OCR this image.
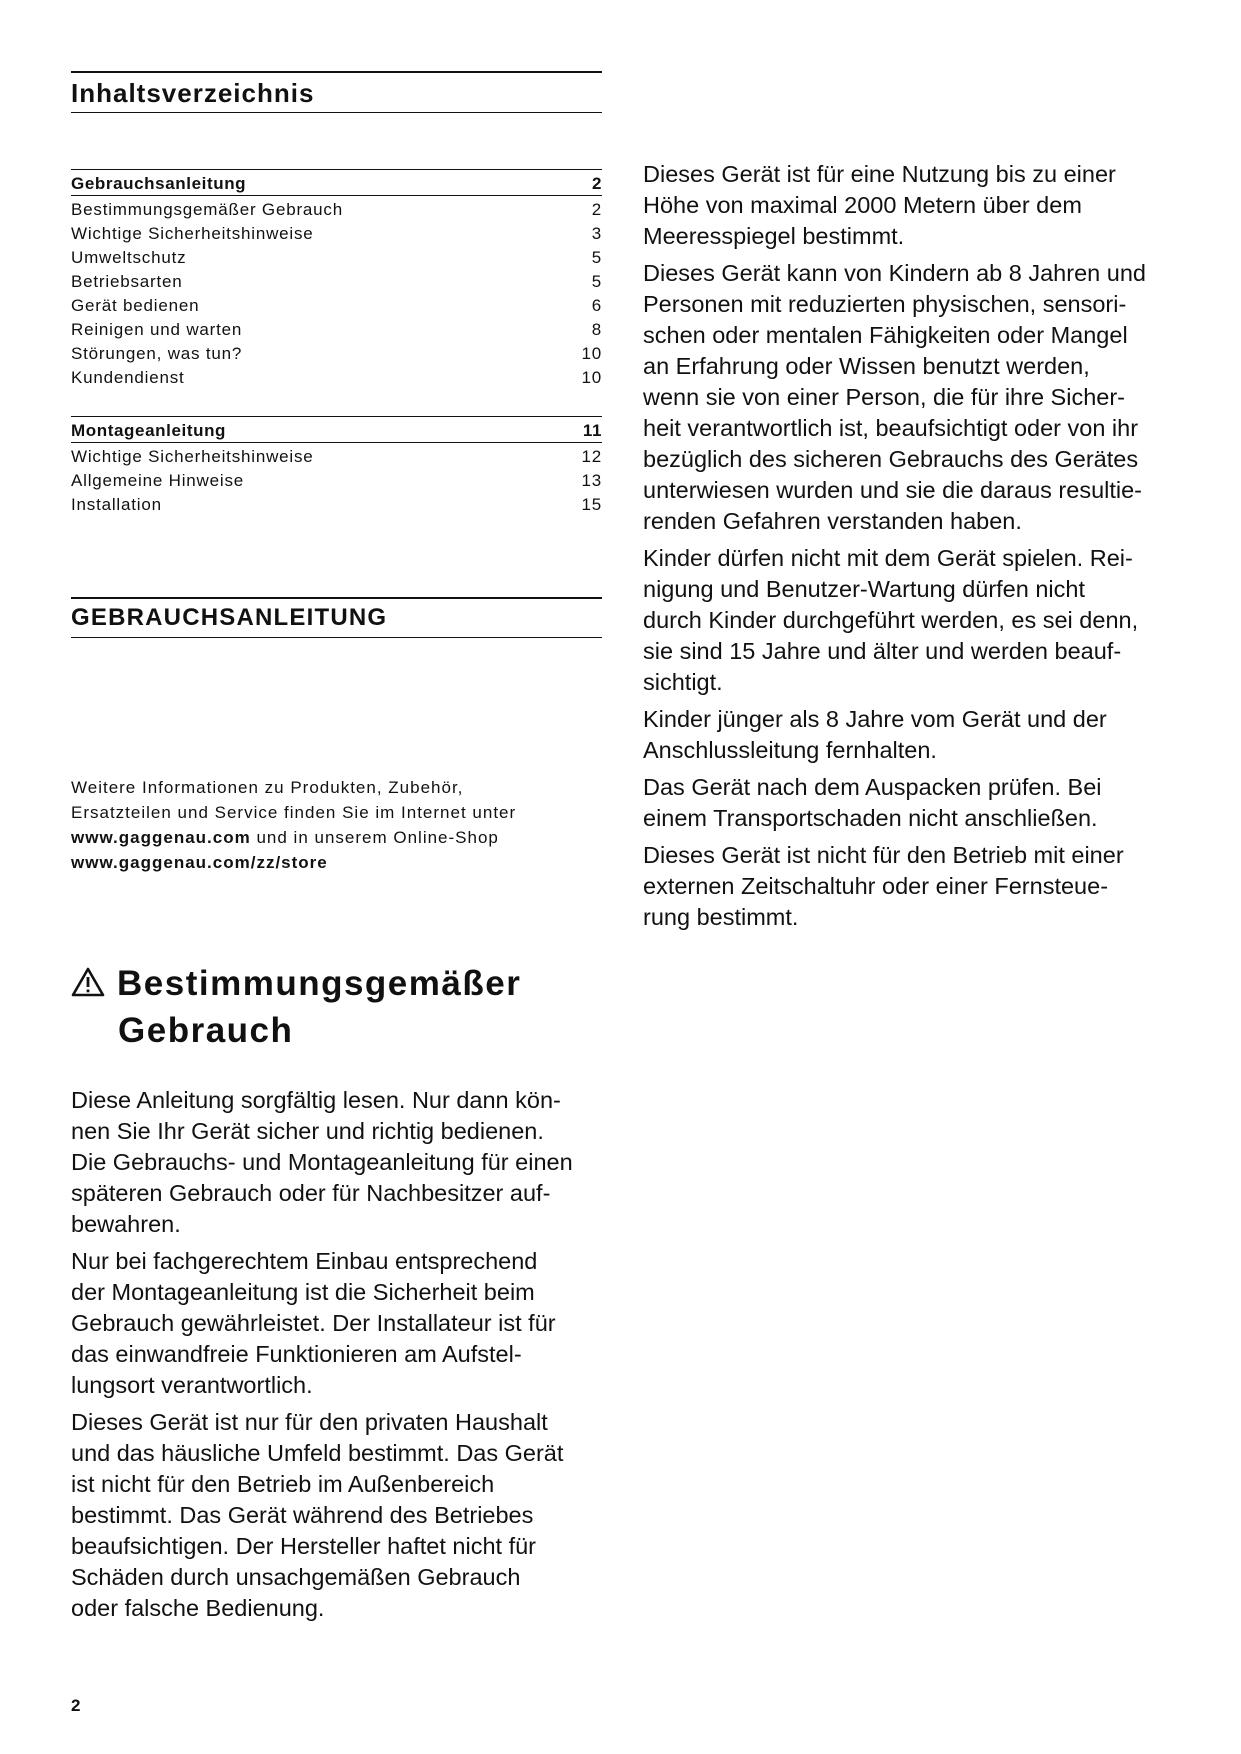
Inhaltsverzeichnis
Gebrauchsanleitung	2
Bestimmungsgemäßer Gebrauch	2
Wichtige Sicherheitshinweise	3
Umweltschutz	5
Betriebsarten	5
Gerät bedienen	6
Reinigen und warten	8
Störungen, was tun?	10
Kundendienst	10
Montageanleitung	11
Wichtige Sicherheitshinweise	12
Allgemeine Hinweise	13
Installation	15
GEBRAUCHSANLEITUNG
Weitere Informationen zu Produkten, Zubehör,
Ersatzteilen und Service finden Sie im Internet unter
www.gaggenau.com und in unserem Online-Shop
www.gaggenau.com/zz/store
Bestimmungsgemäßer
Gebrauch
Diese Anleitung sorgfältig lesen. Nur dann kön-
nen Sie Ihr Gerät sicher und richtig bedienen.
Die Gebrauchs- und Montageanleitung für einen
späteren Gebrauch oder für Nachbesitzer auf-
bewahren.
Nur bei fachgerechtem Einbau entsprechend
der Montageanleitung ist die Sicherheit beim
Gebrauch gewährleistet. Der Installateur ist für
das einwandfreie Funktionieren am Aufstel-
lungsort verantwortlich.
Dieses Gerät ist nur für den privaten Haushalt
und das häusliche Umfeld bestimmt. Das Gerät
ist nicht für den Betrieb im Außenbereich
bestimmt. Das Gerät während des Betriebes
beaufsichtigen. Der Hersteller haftet nicht für
Schäden durch unsachgemäßen Gebrauch
oder falsche Bedienung.
Dieses Gerät ist für eine Nutzung bis zu einer
Höhe von maximal 2000 Metern über dem
Meeresspiegel bestimmt.
Dieses Gerät kann von Kindern ab 8 Jahren und
Personen mit reduzierten physischen, sensori-
schen oder mentalen Fähigkeiten oder Mangel
an Erfahrung oder Wissen benutzt werden,
wenn sie von einer Person, die für ihre Sicher-
heit verantwortlich ist, beaufsichtigt oder von ihr
bezüglich des sicheren Gebrauchs des Gerätes
unterwiesen wurden und sie die daraus resultie-
renden Gefahren verstanden haben.
Kinder dürfen nicht mit dem Gerät spielen. Rei-
nigung und Benutzer-Wartung dürfen nicht
durch Kinder durchgeführt werden, es sei denn,
sie sind 15 Jahre und älter und werden beauf-
sichtigt.
Kinder jünger als 8 Jahre vom Gerät und der
Anschlussleitung fernhalten.
Das Gerät nach dem Auspacken prüfen. Bei
einem Transportschaden nicht anschließen.
Dieses Gerät ist nicht für den Betrieb mit einer
externen Zeitschaltuhr oder einer Fernsteue-
rung bestimmt.
2
